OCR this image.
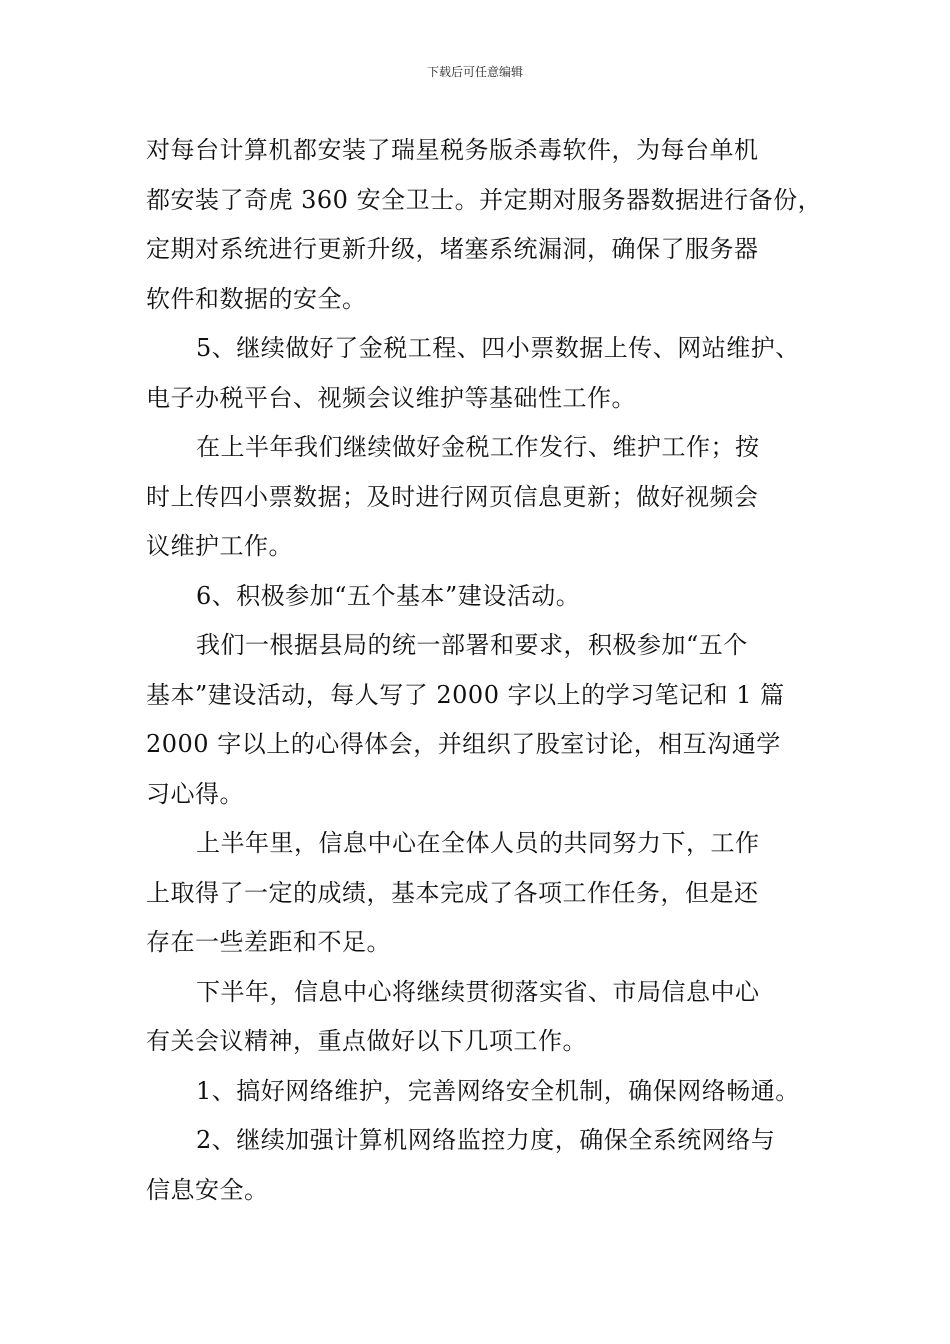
下载后可任意编辑
对每台计算机都安装了瑞星税务版杀毒软件，为每台单机
都安装了奇虎 360 安全卫士。并定期对服务器数据进行备份，
定期对系统进行更新升级，堵塞系统漏洞，确保了服务器
软件和数据的安全。
5、继续做好了金税工程、四小票数据上传、网站维护、
电子办税平台、视频会议维护等基础性工作。
在上半年我们继续做好金税工作发行、维护工作；按
时上传四小票数据；及时进行网页信息更新；做好视频会
议维护工作。
6、积极参加“五个基本”建设活动。
我们一根据县局的统一部署和要求，积极参加“五个
基本”建设活动，每人写了 2000 字以上的学习笔记和 1 篇
2000 字以上的心得体会，并组织了股室讨论，相互沟通学
习心得。
上半年里，信息中心在全体人员的共同努力下，工作
上取得了一定的成绩，基本完成了各项工作任务，但是还
存在一些差距和不足。
下半年，信息中心将继续贯彻落实省、市局信息中心
有关会议精神，重点做好以下几项工作。
1、搞好网络维护，完善网络安全机制，确保网络畅通。
2、继续加强计算机网络监控力度，确保全系统网络与
信息安全。
